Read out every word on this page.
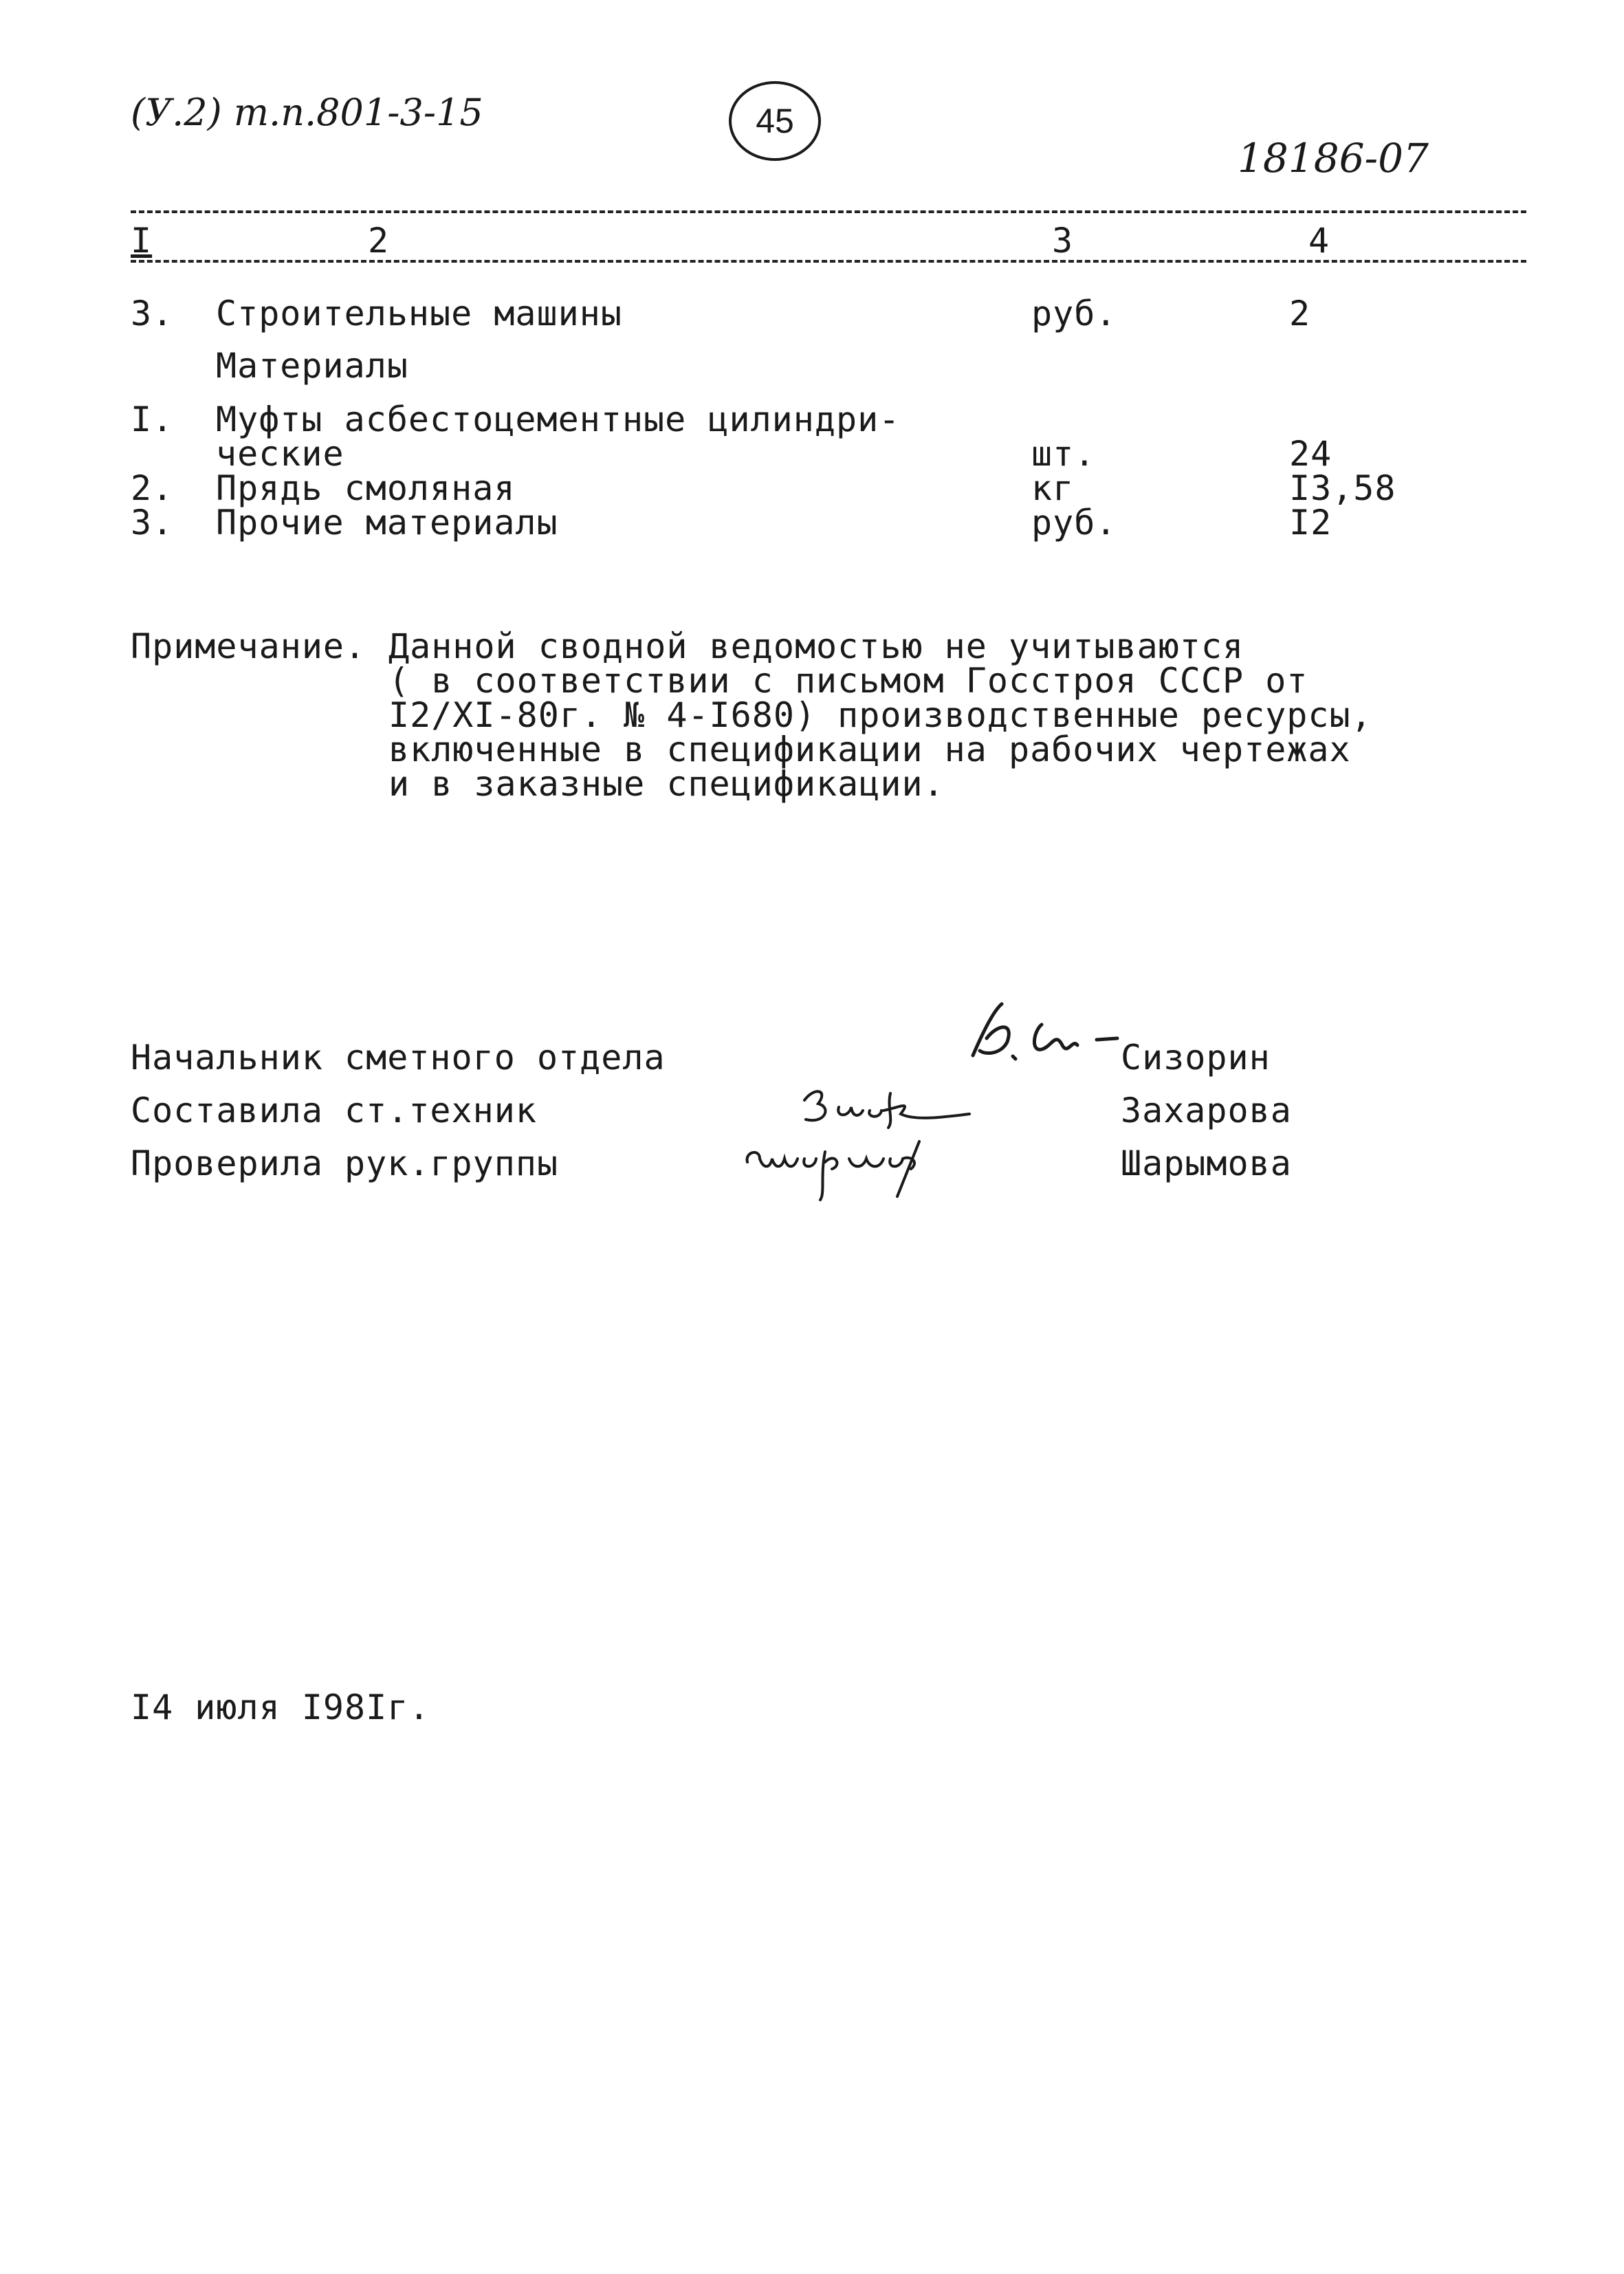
(У.2) т.п.801-3-15	45
18186-07
I	2	3	4
3. Строительные машины	руб.	2
Материалы
I. Муфты асбестоцементные цилиндри-
ческие	шт.	24
2. Прядь смоляная	кг	I3,58
3. Прочие материалы	руб.	I2
Примечание. Данной сводной ведомостью не учитываются
( в соответствии с письмом Госстроя СССР от
I2/XI-80г. № 4-I680) производственные ресурсы,
включенные в спецификации на рабочих чертежах
и в заказные спецификации.
Начальник сметного отдела	Сизорин
Составила ст.техник	Захарова
Проверила рук.группы	Шарымова
I4 июля I98Iг.
